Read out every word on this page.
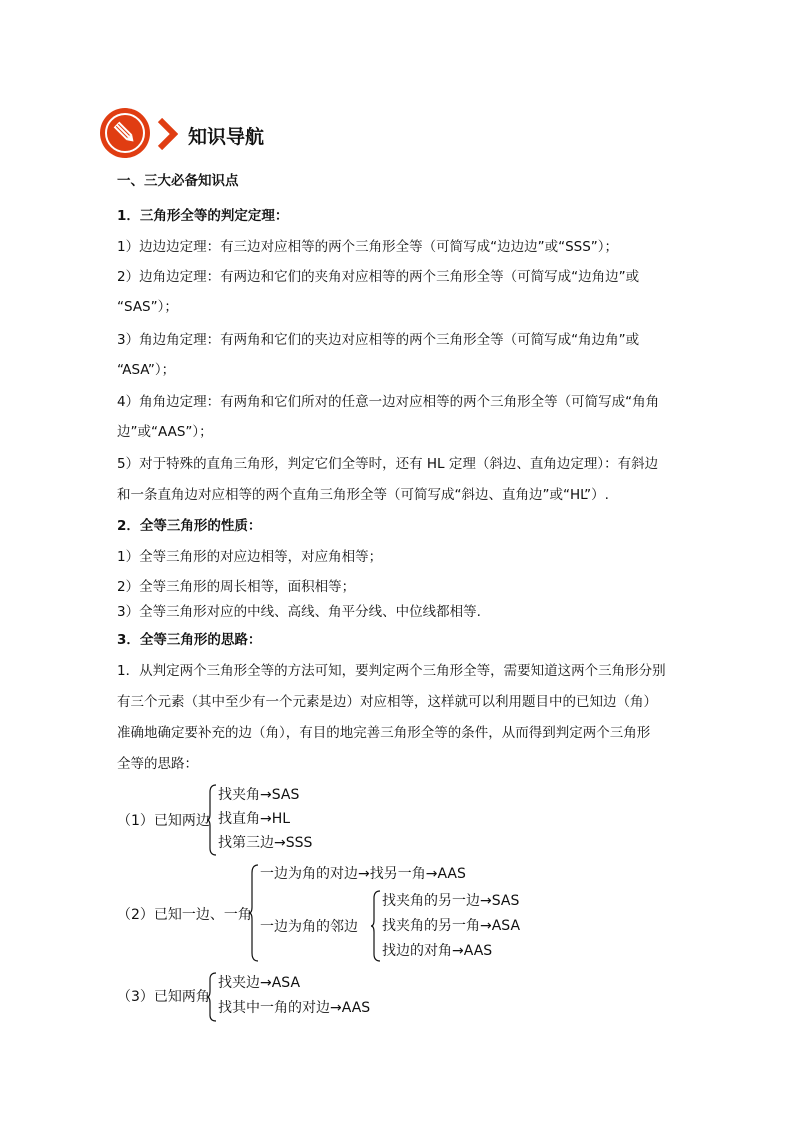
知识导航
一、三大必备知识点
1．三角形全等的判定定理：
1）边边边定理：有三边对应相等的两个三角形全等（可简写成“边边边”或“SSS”）；
2）边角边定理：有两边和它们的夹角对应相等的两个三角形全等（可简写成“边角边”或
“SAS”）；
3）角边角定理：有两角和它们的夹边对应相等的两个三角形全等（可简写成“角边角”或
“ASA”）；
4）角角边定理：有两角和它们所对的任意一边对应相等的两个三角形全等（可简写成“角角
边”或“AAS”）；
5）对于特殊的直角三角形，判定它们全等时，还有 HL 定理（斜边、直角边定理）：有斜边
和一条直角边对应相等的两个直角三角形全等（可简写成“斜边、直角边”或“HL”）.
2．全等三角形的性质：
1）全等三角形的对应边相等，对应角相等；
2）全等三角形的周长相等，面积相等；
3）全等三角形对应的中线、高线、角平分线、中位线都相等.
3．全等三角形的思路：
1．从判定两个三角形全等的方法可知，要判定两个三角形全等，需要知道这两个三角形分别
有三个元素（其中至少有一个元素是边）对应相等，这样就可以利用题目中的已知边（角）
准确地确定要补充的边（角），有目的地完善三角形全等的条件，从而得到判定两个三角形
全等的思路：
（1）已知两边
找夹角→SAS
找直角→HL
找第三边→SSS
（2）已知一边、一角
一边为角的对边→找另一角→AAS
一边为角的邻边
找夹角的另一边→SAS
找夹角的另一角→ASA
找边的对角→AAS
（3）已知两角
找夹边→ASA
找其中一角的对边→AAS
